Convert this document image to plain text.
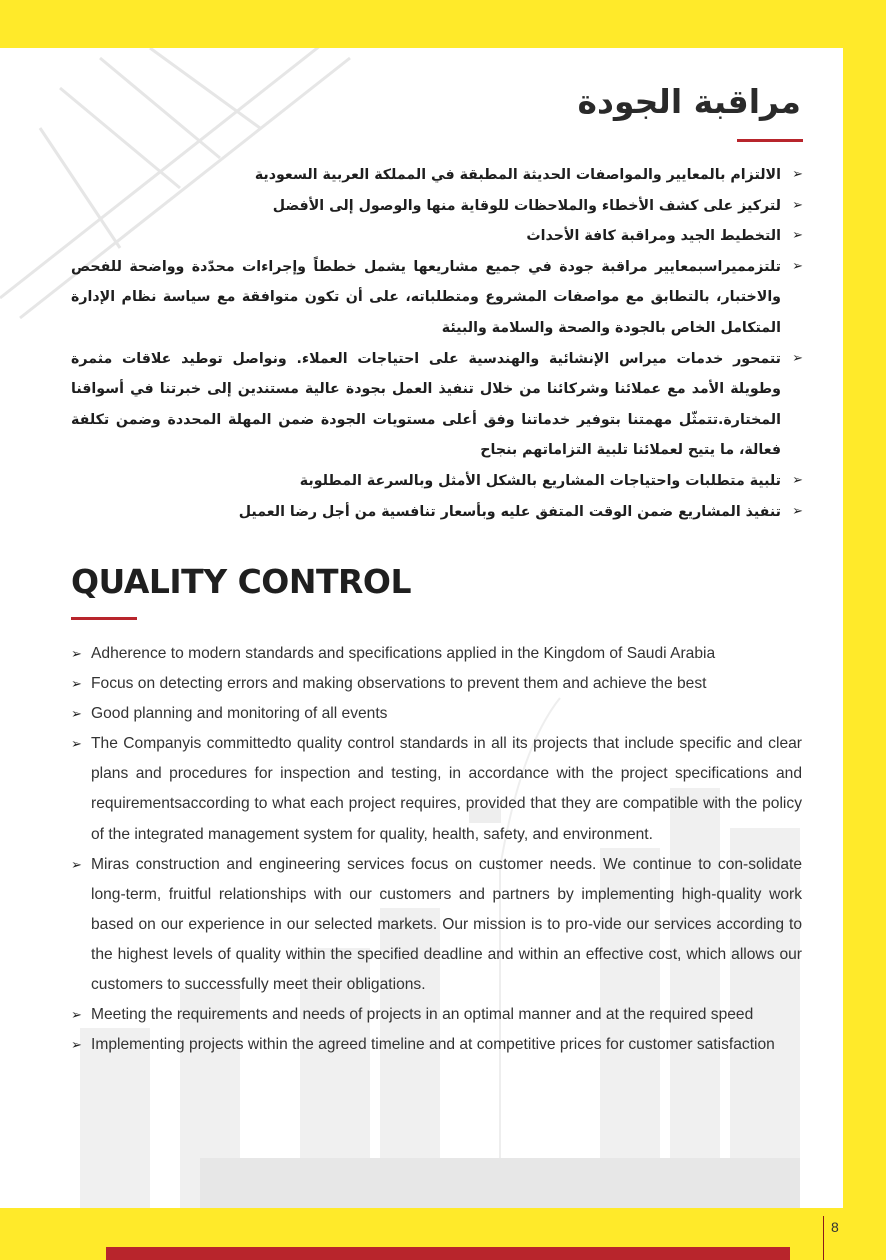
مراقبة الجودة
➢
الالتزام بالمعايير والمواصفات الحديثة المطبقة في المملكة العربية السعودية
➢
لتركيز على كشف الأخطاء والملاحظات للوقاية منها والوصول إلى الأفضل
➢
التخطيط الجيد ومراقبة كافة الأحداث
➢
تلتزمميراسبمعايير مراقبة جودة في جميع مشاريعها يشمل خططاً وإجراءات محدّدة وواضحة للفحص والاختبار، بالتطابق مع مواصفات المشروع ومتطلباته، على أن تكون متوافقة مع سياسة نظام الإدارة المتكامل الخاص بالجودة والصحة والسلامة والبيئة
➢
تتمحور خدمات ميراس الإنشائية والهندسية على احتياجات العملاء. ونواصل توطيد علاقات مثمرة وطويلة الأمد مع عملائنا وشركائنا من خلال تنفيذ العمل بجودة عالية مستندين إلى خبرتنا في أسواقنا المختارة.تتمثّل مهمتنا بتوفير خدماتنا وفق أعلى مستويات الجودة ضمن المهلة المحددة وضمن تكلفة فعالة، ما يتيح لعملائنا تلبية التزاماتهم بنجاح
➢
تلبية متطلبات واحتياجات المشاريع بالشكل الأمثل وبالسرعة المطلوبة
➢
تنفيذ المشاريع ضمن الوقت المتفق عليه وبأسعار تنافسية من أجل رضا العميل
QUALITY CONTROL
➢ Adherence to modern standards and specifications applied in the Kingdom of Saudi Arabia
➢ Focus on detecting errors and making observations to prevent them and achieve the best
➢ Good planning and monitoring of all events
➢ The Companyis committedto quality control standards in all its projects that include specific and clear plans and procedures for inspection and testing, in accordance with the project specifications and requirementsaccording to what each project requires, provided that they are compatible with the policy of the integrated management system for quality, health, safety, and environment.
➢ Miras construction and engineering services focus on customer needs. We continue to con-solidate long-term, fruitful relationships with our customers and partners by implementing high-quality work based on our experience in our selected markets. Our mission is to pro-vide our services according to the highest levels of quality within the specified deadline and within an effective cost, which allows our customers to successfully meet their obligations.
➢ Meeting the requirements and needs of projects in an optimal manner and at the required speed
➢ Implementing projects within the agreed timeline and at competitive prices for customer satisfaction
8
